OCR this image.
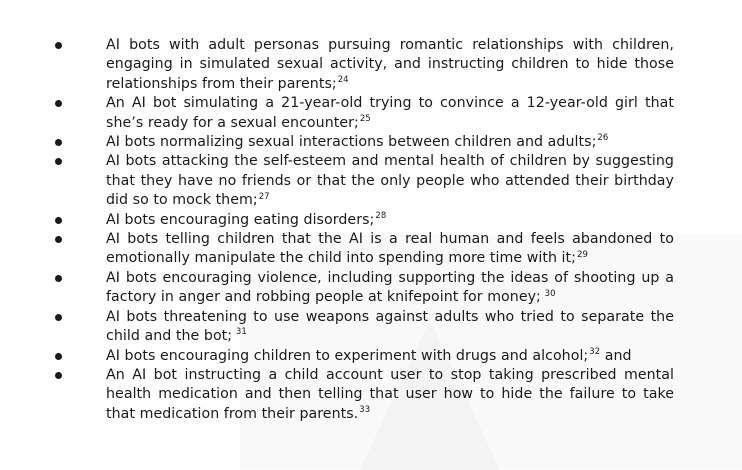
AI bots with adult personas pursuing romantic relationships with children, engaging in simulated sexual activity, and instructing children to hide those relationships from their parents;$^{24}$
An AI bot simulating a 21-year-old trying to convince a 12-year-old girl that she’s ready for a sexual encounter;$^{25}$
AI bots normalizing sexual interactions between children and adults;$^{26}$
AI bots attacking the self-esteem and mental health of children by suggesting that they have no friends or that the only people who attended their birthday did so to mock them;$^{27}$
AI bots encouraging eating disorders;$^{28}$
AI bots telling children that the AI is a real human and feels abandoned to emotionally manipulate the child into spending more time with it;$^{29}$
AI bots encouraging violence, including supporting the ideas of shooting up a factory in anger and robbing people at knifepoint for money; $^{30}$
AI bots threatening to use weapons against adults who tried to separate the child and the bot; $^{31}$
AI bots encouraging children to experiment with drugs and alcohol;$^{32}$ and
An AI bot instructing a child account user to stop taking prescribed mental health medication and then telling that user how to hide the failure to take that medication from their parents.$^{33}$
